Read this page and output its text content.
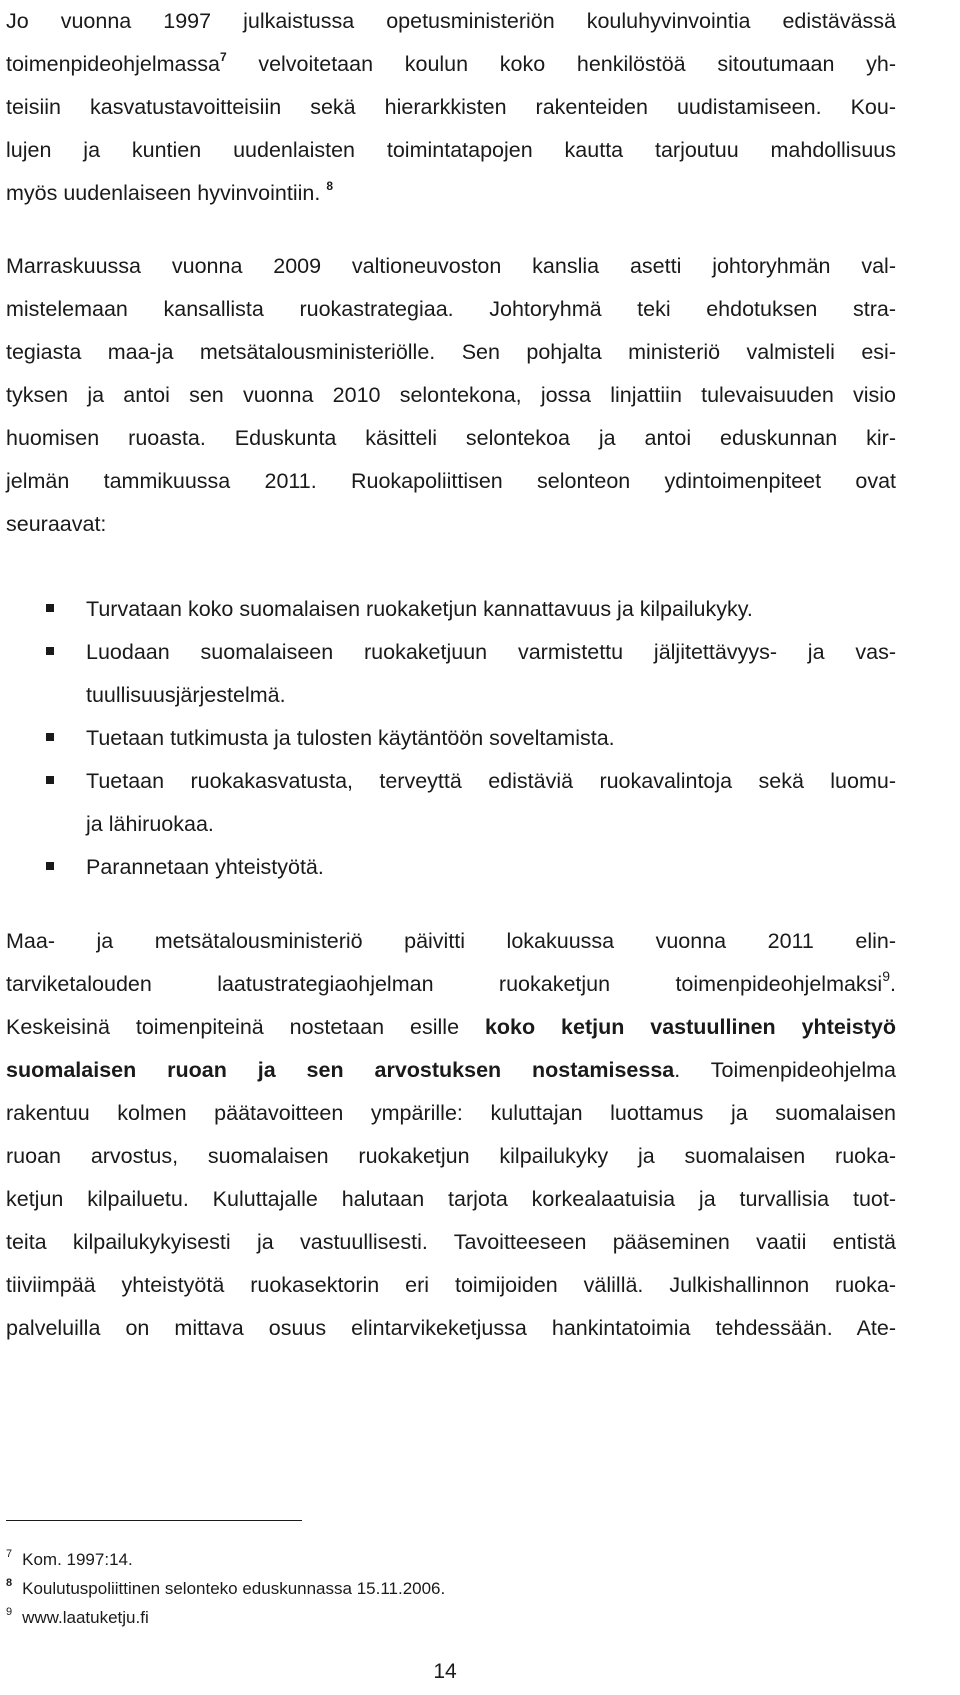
Jo vuonna 1997 julkaistussa opetusministeriön kouluhyvinvointia edistävässä
toimenpideohjelmassa$^7$ velvoitetaan koulun koko henkilöstöä sitoutumaan yh-
teisiin kasvatustavoitteisiin sekä hierarkkisten rakenteiden uudistamiseen. Kou-
lujen ja kuntien uudenlaisten toimintatapojen kautta tarjoutuu mahdollisuus
myös uudenlaiseen hyvinvointiin. $^8$
Marraskuussa vuonna 2009 valtioneuvoston kanslia asetti johtoryhmän val-
mistelemaan kansallista ruokastrategiaa. Johtoryhmä teki ehdotuksen stra-
tegiasta maa-ja metsätalousministeriölle. Sen pohjalta ministeriö valmisteli esi-
tyksen ja antoi sen vuonna 2010 selontekona, jossa linjattiin tulevaisuuden visio
huomisen ruoasta. Eduskunta käsitteli selontekoa ja antoi eduskunnan kir-
jelmän tammikuussa 2011. Ruokapoliittisen selonteon ydintoimenpiteet ovat
seuraavat:
Turvataan koko suomalaisen ruokaketjun kannattavuus ja kilpailukyky.
Luodaan suomalaiseen ruokaketjuun varmistettu jäljitettävyys- ja vas-
tuullisuusjärjestelmä.
Tuetaan tutkimusta ja tulosten käytäntöön soveltamista.
Tuetaan ruokakasvatusta, terveyttä edistäviä ruokavalintoja sekä luomu-
ja lähiruokaa.
Parannetaan yhteistyötä.
Maa- ja metsätalousministeriö päivitti lokakuussa vuonna 2011 elin-
tarviketalouden laatustrategiaohjelman ruokaketjun toimenpideohjelmaksi$^9$.
Keskeisinä toimenpiteinä nostetaan esille koko ketjun vastuullinen yhteistyö
suomalaisen ruoan ja sen arvostuksen nostamisessa. Toimenpideohjelma
rakentuu kolmen päätavoitteen ympärille: kuluttajan luottamus ja suomalaisen
ruoan arvostus, suomalaisen ruokaketjun kilpailukyky ja suomalaisen ruoka-
ketjun kilpailuetu. Kuluttajalle halutaan tarjota korkealaatuisia ja turvallisia tuot-
teita kilpailukykyisesti ja vastuullisesti. Tavoitteeseen pääseminen vaatii entistä
tiiviimpää yhteistyötä ruokasektorin eri toimijoiden välillä. Julkishallinnon ruoka-
palveluilla on mittava osuus elintarvikeketjussa hankintatoimia tehdessään. Ate-
$^7$ Kom. 1997:14.
$^8$ Koulutuspoliittinen selonteko eduskunnassa 15.11.2006.
$^9$ www.laatuketju.fi
14
